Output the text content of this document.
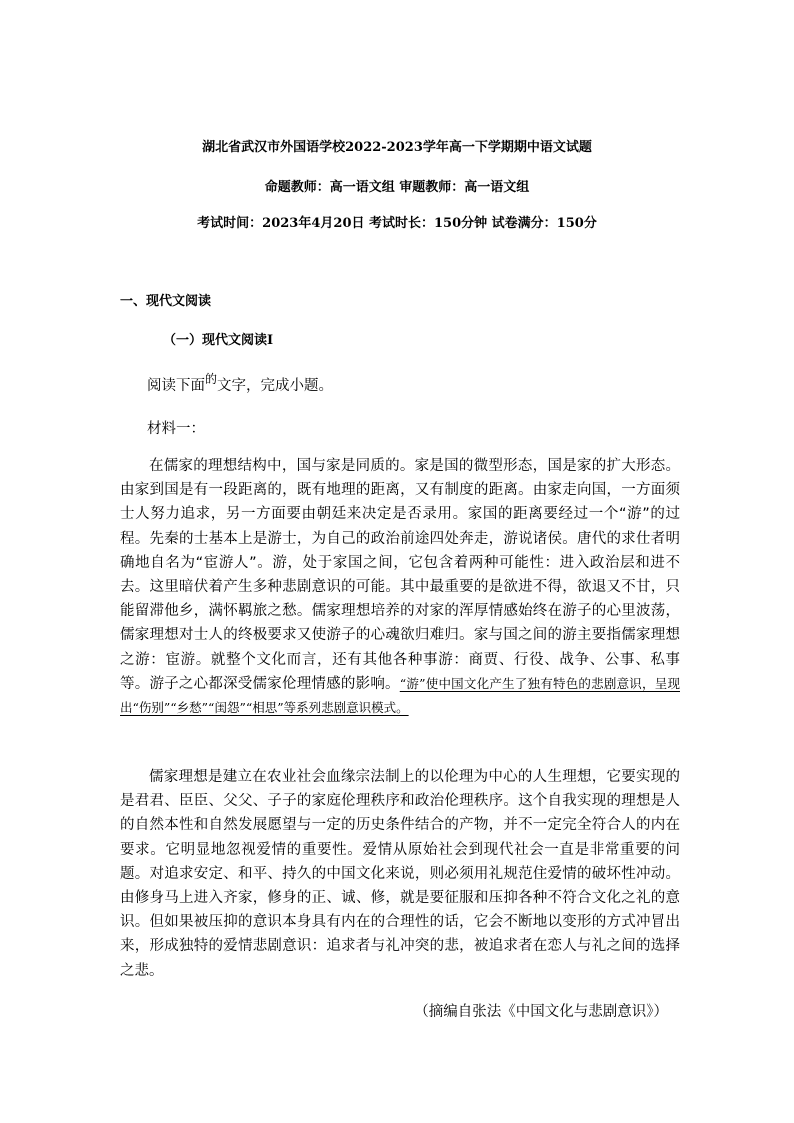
湖北省武汉市外国语学校2022-2023学年高一下学期期中语文试题
命题教师：高一语文组 审题教师：高一语文组
考试时间：2023年4月20日 考试时长：150分钟 试卷满分：150分
一、现代文阅读
（一）现代文阅读Ⅰ
阅读下面$^的$文字，完成小题。
材料一：
在儒家的理想结构中，国与家是同质的。家是国的微型形态，国是家的扩大形态。由家到国是有一段距离的，既有地理的距离，又有制度的距离。由家走向国，一方面须士人努力追求，另一方面要由朝廷来决定是否录用。家国的距离要经过一个“游”的过程。先秦的士基本上是游士，为自己的政治前途四处奔走，游说诸侯。唐代的求仕者明确地自名为“宦游人”。游，处于家国之间，它包含着两种可能性：进入政治层和进不去。这里暗伏着产生多种悲剧意识的可能。其中最重要的是欲进不得，欲退又不甘，只能留滞他乡，满怀羁旅之愁。儒家理想培养的对家的浑厚情感始终在游子的心里波荡，儒家理想对士人的终极要求又使游子的心魂欲归难归。家与国之间的游主要指儒家理想之游：宦游。就整个文化而言，还有其他各种事游：商贾、行役、战争、公事、私事等。游子之心都深受儒家伦理情感的影响。“游”使中国文化产生了独有特色的悲剧意识，呈现出“伤别”“乡愁”“闺怨”“相思”等系列悲剧意识模式。
儒家理想是建立在农业社会血缘宗法制上的以伦理为中心的人生理想，它要实现的是君君、臣臣、父父、子子的家庭伦理秩序和政治伦理秩序。这个自我实现的理想是人的自然本性和自然发展愿望与一定的历史条件结合的产物，并不一定完全符合人的内在要求。它明显地忽视爱情的重要性。爱情从原始社会到现代社会一直是非常重要的问题。对追求安定、和平、持久的中国文化来说，则必须用礼规范住爱情的破坏性冲动。由修身马上进入齐家，修身的正、诚、修，就是要征服和压抑各种不符合文化之礼的意识。但如果被压抑的意识本身具有内在的合理性的话，它会不断地以变形的方式冲冒出来，形成独特的爱情悲剧意识：追求者与礼冲突的悲，被追求者在恋人与礼之间的选择之悲。
（摘编自张法《中国文化与悲剧意识》）
